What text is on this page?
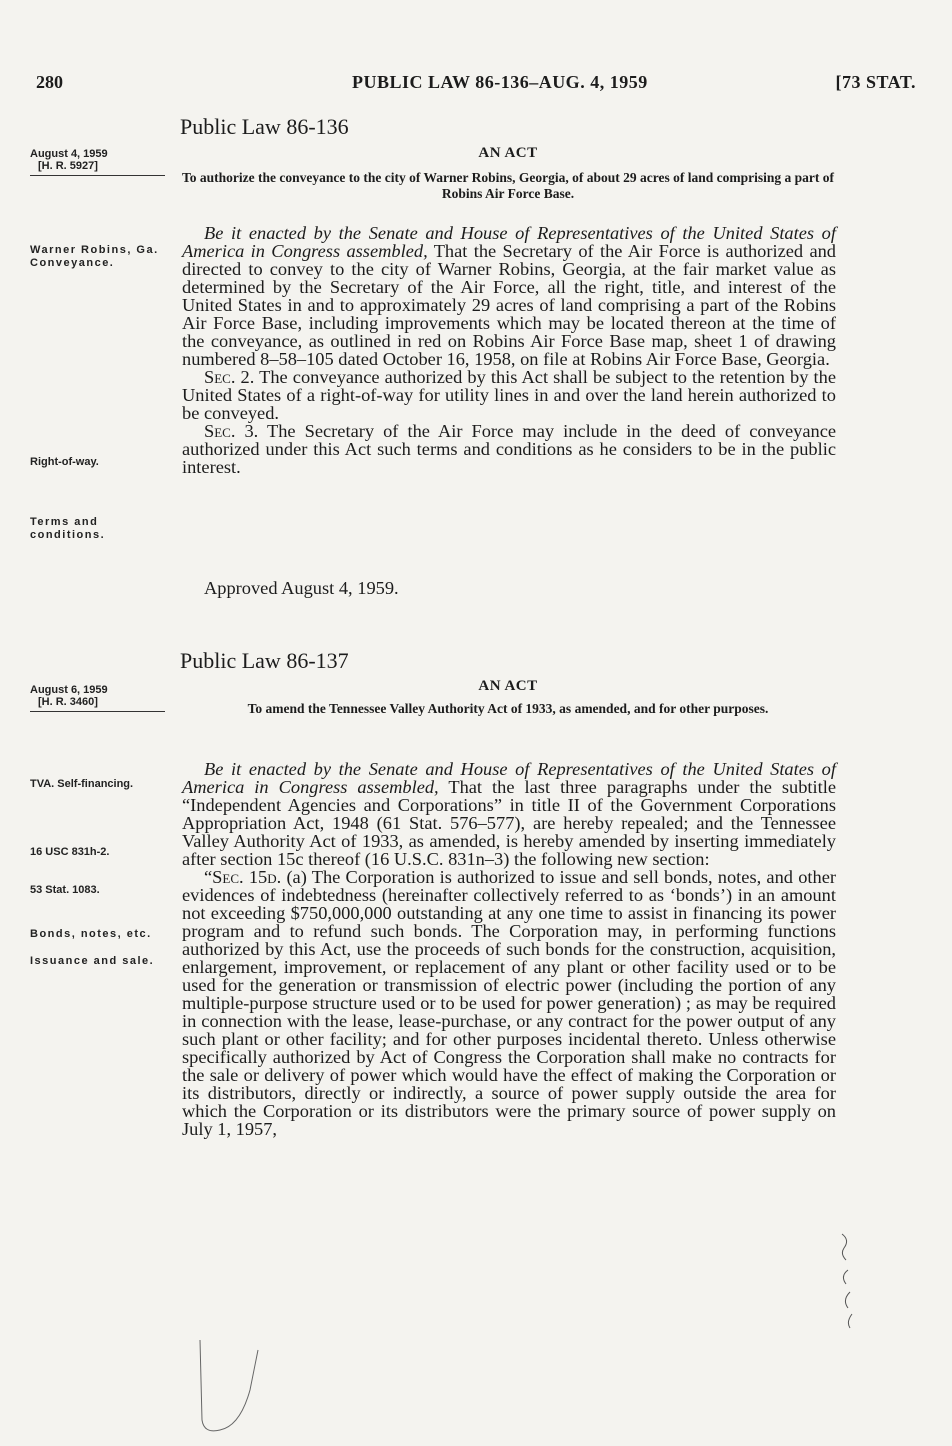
280	PUBLIC LAW 86-136–AUG. 4, 1959	[73 STAT.
Public Law 86-136
August 4, 1959
[H. R. 5927]
AN ACT
To authorize the conveyance to the city of Warner Robins, Georgia, of about 29 acres of land comprising a part of Robins Air Force Base.
Warner Robins, Ga. Conveyance.
Right-of-way.
Terms and conditions.

Be it enacted by the Senate and House of Representatives of the United States of America in Congress assembled, That the Secretary of the Air Force is authorized and directed to convey to the city of Warner Robins, Georgia, at the fair market value as determined by the Secretary of the Air Force, all the right, title, and interest of the United States in and to approximately 29 acres of land comprising a part of the Robins Air Force Base, including improvements which may be located thereon at the time of the conveyance, as outlined in red on Robins Air Force Base map, sheet 1 of drawing numbered 8–58–105 dated October 16, 1958, on file at Robins Air Force Base, Georgia.

Sec. 2. The conveyance authorized by this Act shall be subject to the retention by the United States of a right-of-way for utility lines in and over the land herein authorized to be conveyed.

Sec. 3. The Secretary of the Air Force may include in the deed of conveyance authorized under this Act such terms and conditions as he considers to be in the public interest.

Approved August 4, 1959.
Public Law 86-137
August 6, 1959
[H. R. 3460]
AN ACT
To amend the Tennessee Valley Authority Act of 1933, as amended, and for other purposes.
TVA. Self-financing.
16 USC 831h-2.
53 Stat. 1083.
Bonds, notes, etc.
Issuance and sale.

Be it enacted by the Senate and House of Representatives of the United States of America in Congress assembled, That the last three paragraphs under the subtitle “Independent Agencies and Corporations” in title II of the Government Corporations Appropriation Act, 1948 (61 Stat. 576–577), are hereby repealed; and the Tennessee Valley Authority Act of 1933, as amended, is hereby amended by inserting immediately after section 15c thereof (16 U.S.C. 831n–3) the following new section:

“Sec. 15d. (a) The Corporation is authorized to issue and sell bonds, notes, and other evidences of indebtedness (hereinafter collectively referred to as ‘bonds’) in an amount not exceeding $750,000,000 outstanding at any one time to assist in financing its power program and to refund such bonds. The Corporation may, in performing functions authorized by this Act, use the proceeds of such bonds for the construction, acquisition, enlargement, improvement, or replacement of any plant or other facility used or to be used for the generation or transmission of electric power (including the portion of any multiple-purpose structure used or to be used for power generation) ; as may be required in connection with the lease, lease-purchase, or any contract for the power output of any such plant or other facility; and for other purposes incidental thereto. Unless otherwise specifically authorized by Act of Congress the Corporation shall make no contracts for the sale or delivery of power which would have the effect of making the Corporation or its distributors, directly or indirectly, a source of power supply outside the area for which the Corporation or its distributors were the primary source of power supply on July 1, 1957,
